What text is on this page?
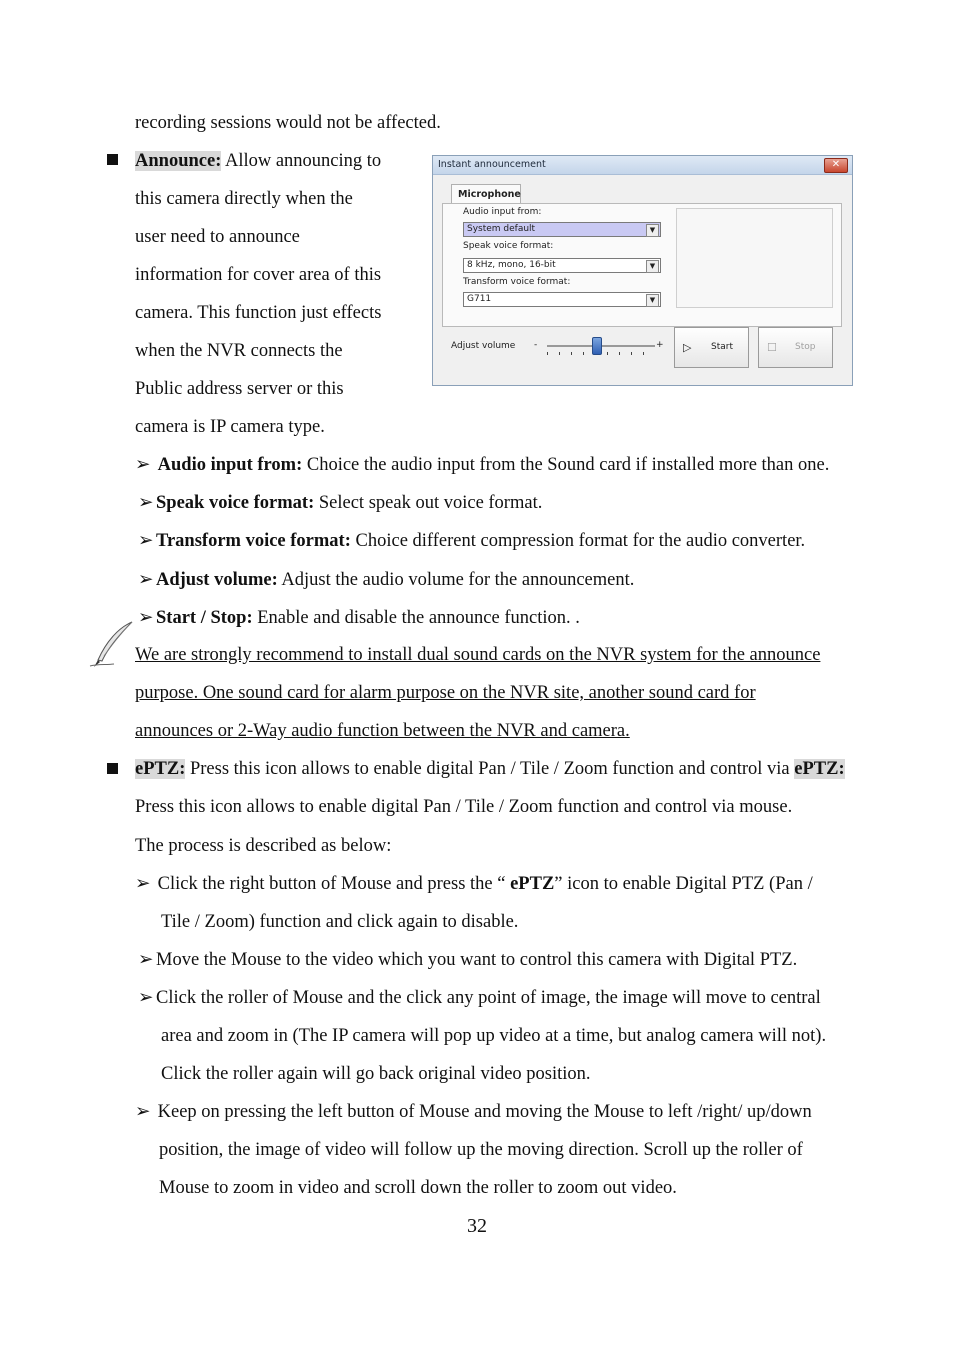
recording sessions would not be affected.
Announce: Allow announcing to
this camera directly when the
user need to announce
information for cover area of this
camera. This function just effects
when the NVR connects the
Public address server or this
camera is IP camera type.
Instant announcement	✕
Microphone
Audio input from:
System default	▼
Speak voice format:
8 kHz, mono, 16-bit	▼
Transform voice format:
G711	▼
Adjust volume -	+ ▷ Start	☐ Stop
➢ Audio input from: Choice the audio input from the Sound card if installed more than one.
➢ Speak voice format: Select speak out voice format.
➢ Transform voice format: Choice different compression format for the audio converter.
➢ Adjust volume: Adjust the audio volume for the announcement.
➢ Start / Stop: Enable and disable the announce function. .
We are strongly recommend to install dual sound cards on the NVR system for the announce
purpose. One sound card for alarm purpose on the NVR site, another sound card for
announces or 2-Way audio function between the NVR and camera.
ePTZ: Press this icon allows to enable digital Pan / Tile / Zoom function and control via ePTZ:
Press this icon allows to enable digital Pan / Tile / Zoom function and control via mouse.
The process is described as below:
➢ Click the right button of Mouse and press the “ ePTZ” icon to enable Digital PTZ (Pan /
Tile / Zoom) function and click again to disable.
➢ Move the Mouse to the video which you want to control this camera with Digital PTZ.
➢ Click the roller of Mouse and the click any point of image, the image will move to central
area and zoom in (The IP camera will pop up video at a time, but analog camera will not).
Click the roller again will go back original video position.
➢ Keep on pressing the left button of Mouse and moving the Mouse to left /right/ up/down
position, the image of video will follow up the moving direction. Scroll up the roller of
Mouse to zoom in video and scroll down the roller to zoom out video.
32
